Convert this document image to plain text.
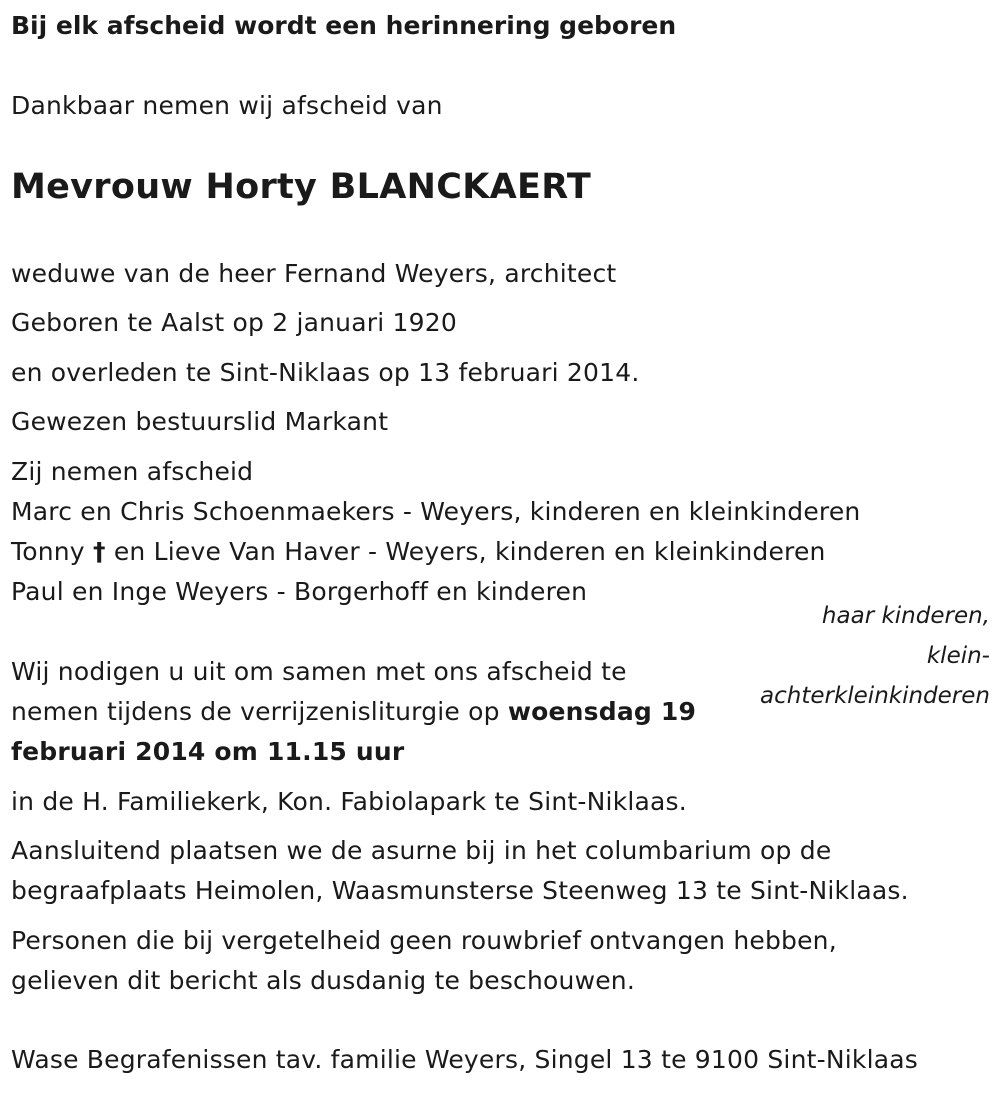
Bij elk afscheid wordt een herinnering geboren
Dankbaar nemen wij afscheid van
Mevrouw Horty BLANCKAERT
weduwe van de heer Fernand Weyers, architect
Geboren te Aalst op 2 januari 1920
en overleden te Sint-Niklaas op 13 februari 2014.
Gewezen bestuurslid Markant
Zij nemen afscheid
Marc en Chris Schoenmaekers - Weyers, kinderen en kleinkinderen
Tonny † en Lieve Van Haver - Weyers, kinderen en kleinkinderen
Paul en Inge Weyers - Borgerhoff en kinderen
haar kinderen,
klein-
achterkleinkinderen
Wij nodigen u uit om samen met ons afscheid te
nemen tijdens de verrijzenisliturgie op woensdag 19
februari 2014 om 11.15 uur
in de H. Familiekerk, Kon. Fabiolapark te Sint-Niklaas.
Aansluitend plaatsen we de asurne bij in het columbarium op de
begraafplaats Heimolen, Waasmunsterse Steenweg 13 te Sint-Niklaas.
Personen die bij vergetelheid geen rouwbrief ontvangen hebben,
gelieven dit bericht als dusdanig te beschouwen.
Wase Begrafenissen tav. familie Weyers, Singel 13 te 9100 Sint-Niklaas
